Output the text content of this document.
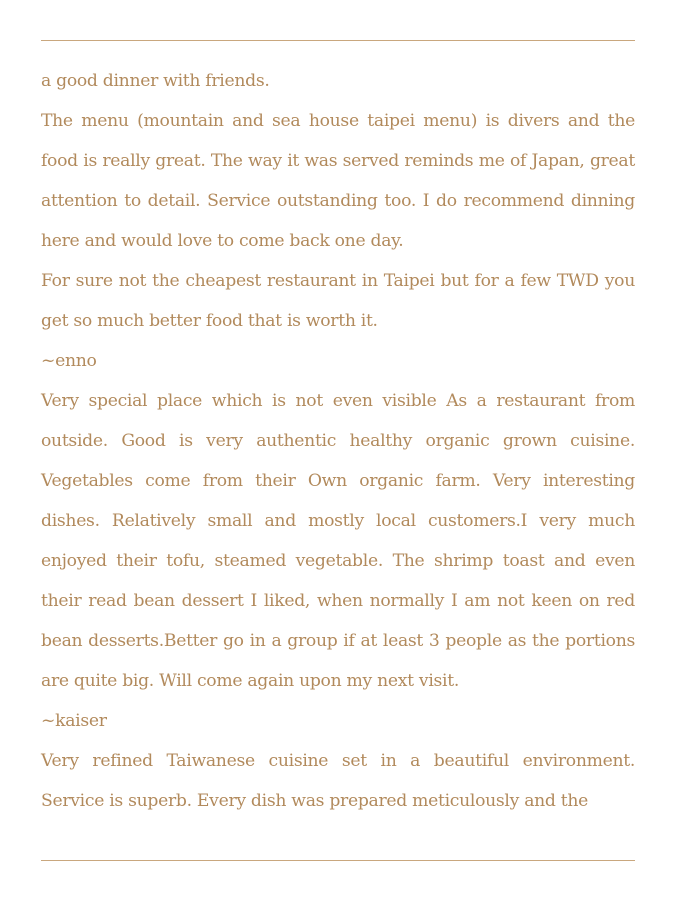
a good dinner with friends.

The menu (mountain and sea house taipei menu) is divers and the food is really great. The way it was served reminds me of Japan, great attention to detail. Service outstanding too. I do recommend dinning here and would love to come back one day.

For sure not the cheapest restaurant in Taipei but for a few TWD you get so much better food that is worth it.

~enno

Very special place which is not even visible As a restaurant from outside. Good is very authentic healthy organic grown cuisine. Vegetables come from their Own organic farm. Very interesting dishes. Relatively small and mostly local customers.I very much enjoyed their tofu, steamed vegetable. The shrimp toast and even their read bean dessert I liked, when normally I am not keen on red bean desserts.Better go in a group if at least 3 people as the portions are quite big. Will come again upon my next visit.

~kaiser

Very refined Taiwanese cuisine set in a beautiful environment. Service is superb. Every dish was prepared meticulously and the
